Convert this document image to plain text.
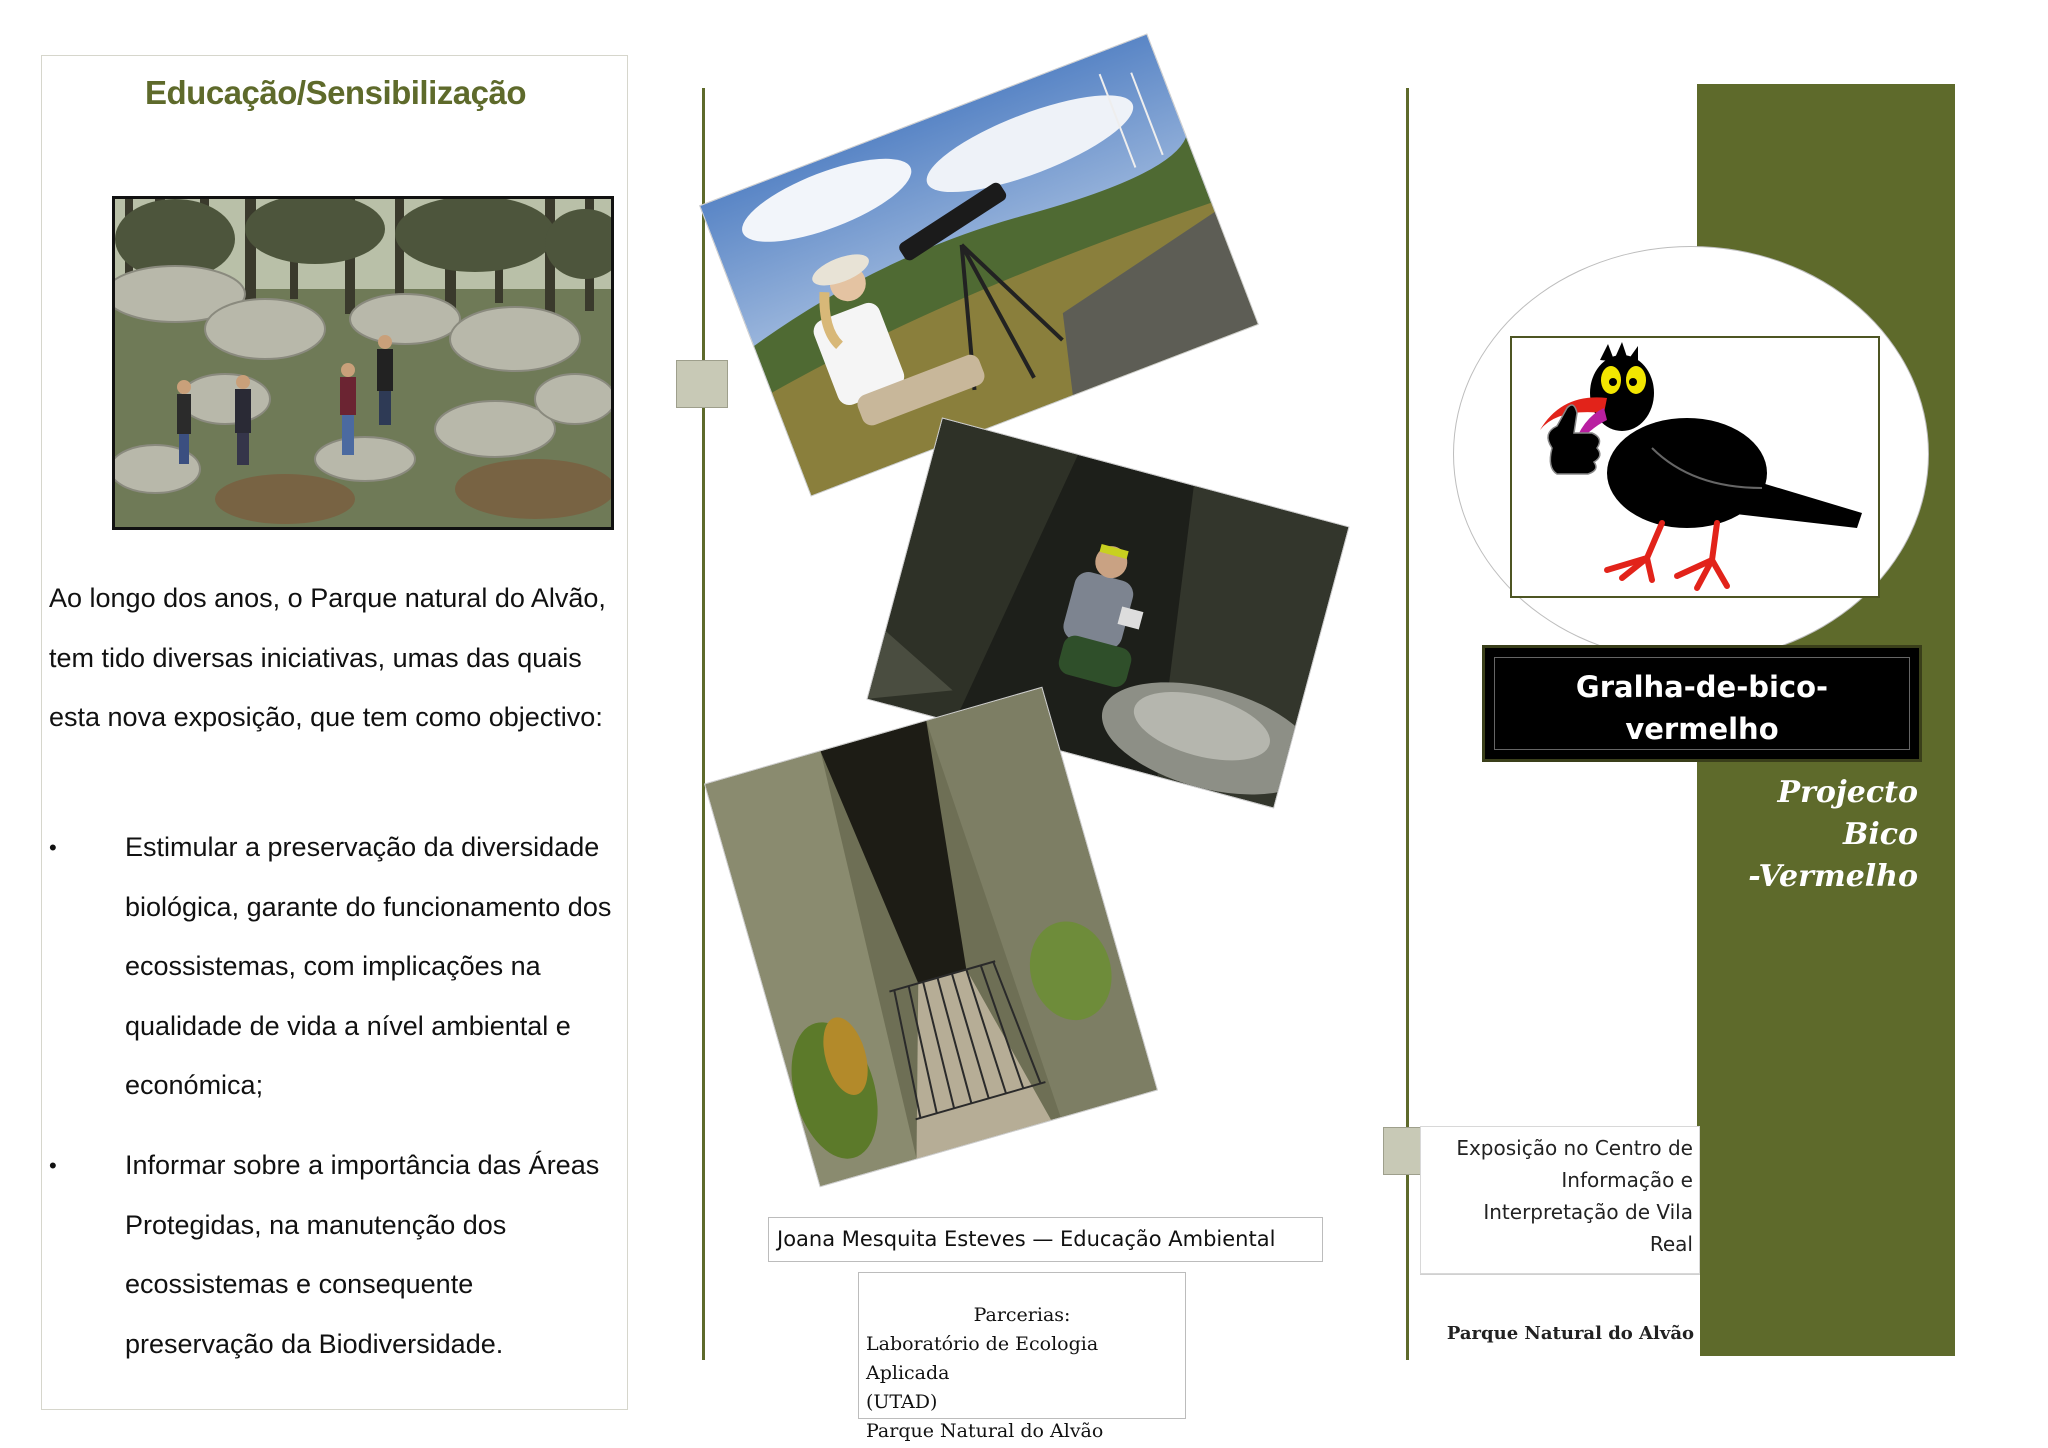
Educação/Sensibilização
Ao longo dos anos, o Parque natural do Alvão, tem tido diversas iniciativas, umas das quais esta nova exposição, que tem como objectivo:
•	Estimular a preservação da diversidade biológica, garante do funcionamento dos ecossistemas, com implicações na qualidade de vida a nível ambiental e económica;
•	Informar sobre a importância das Áreas Protegidas, na manutenção dos ecossistemas e consequente preservação da Biodiversidade.
Joana Mesquita Esteves — Educação Ambiental
Parcerias:
Laboratório de Ecologia Aplicada
(UTAD)
Parque Natural do Alvão
Gralha-de-bico-
vermelho
Projecto Bico
-Vermelho
Exposição no Centro de
Informação e
Interpretação de Vila
Real
Parque Natural do Alvão
